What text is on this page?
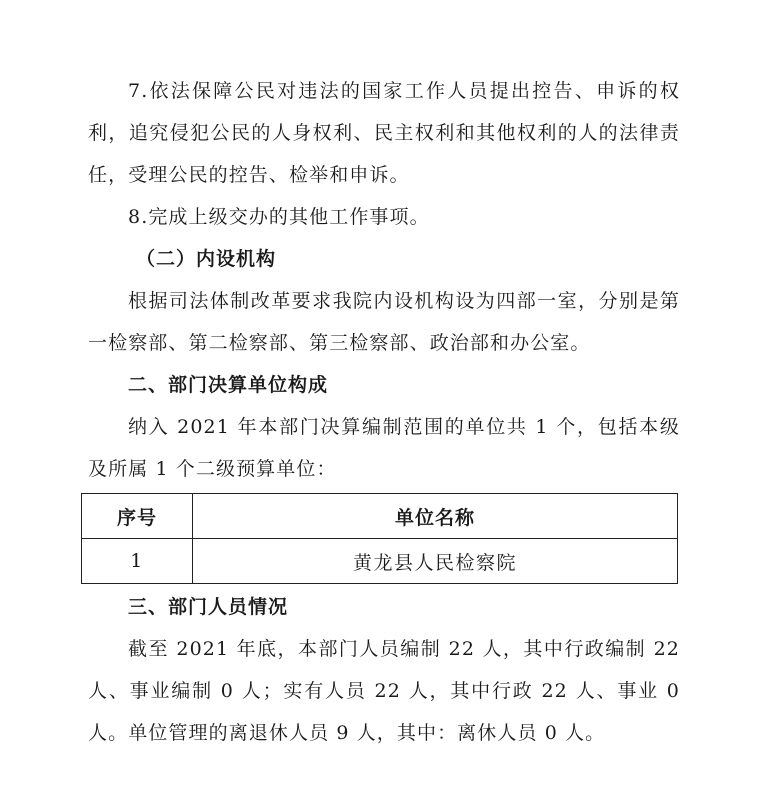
7.依法保障公民对违法的国家工作人员提出控告、申诉的权利，追究侵犯公民的人身权利、民主权利和其他权利的人的法律责任，受理公民的控告、检举和申诉。

8.完成上级交办的其他工作事项。

（二）内设机构

根据司法体制改革要求我院内设机构设为四部一室，分别是第一检察部、第二检察部、第三检察部、政治部和办公室。

二、部门决算单位构成

纳入 2021 年本部门决算编制范围的单位共 1 个，包括本级及所属 1 个二级预算单位：

序号	单位名称
1	黄龙县人民检察院

三、部门人员情况

截至 2021 年底，本部门人员编制 22 人，其中行政编制 22 人、事业编制 0 人；实有人员 22 人，其中行政 22 人、事业 0 人。单位管理的离退休人员 9 人，其中：离休人员 0 人。
